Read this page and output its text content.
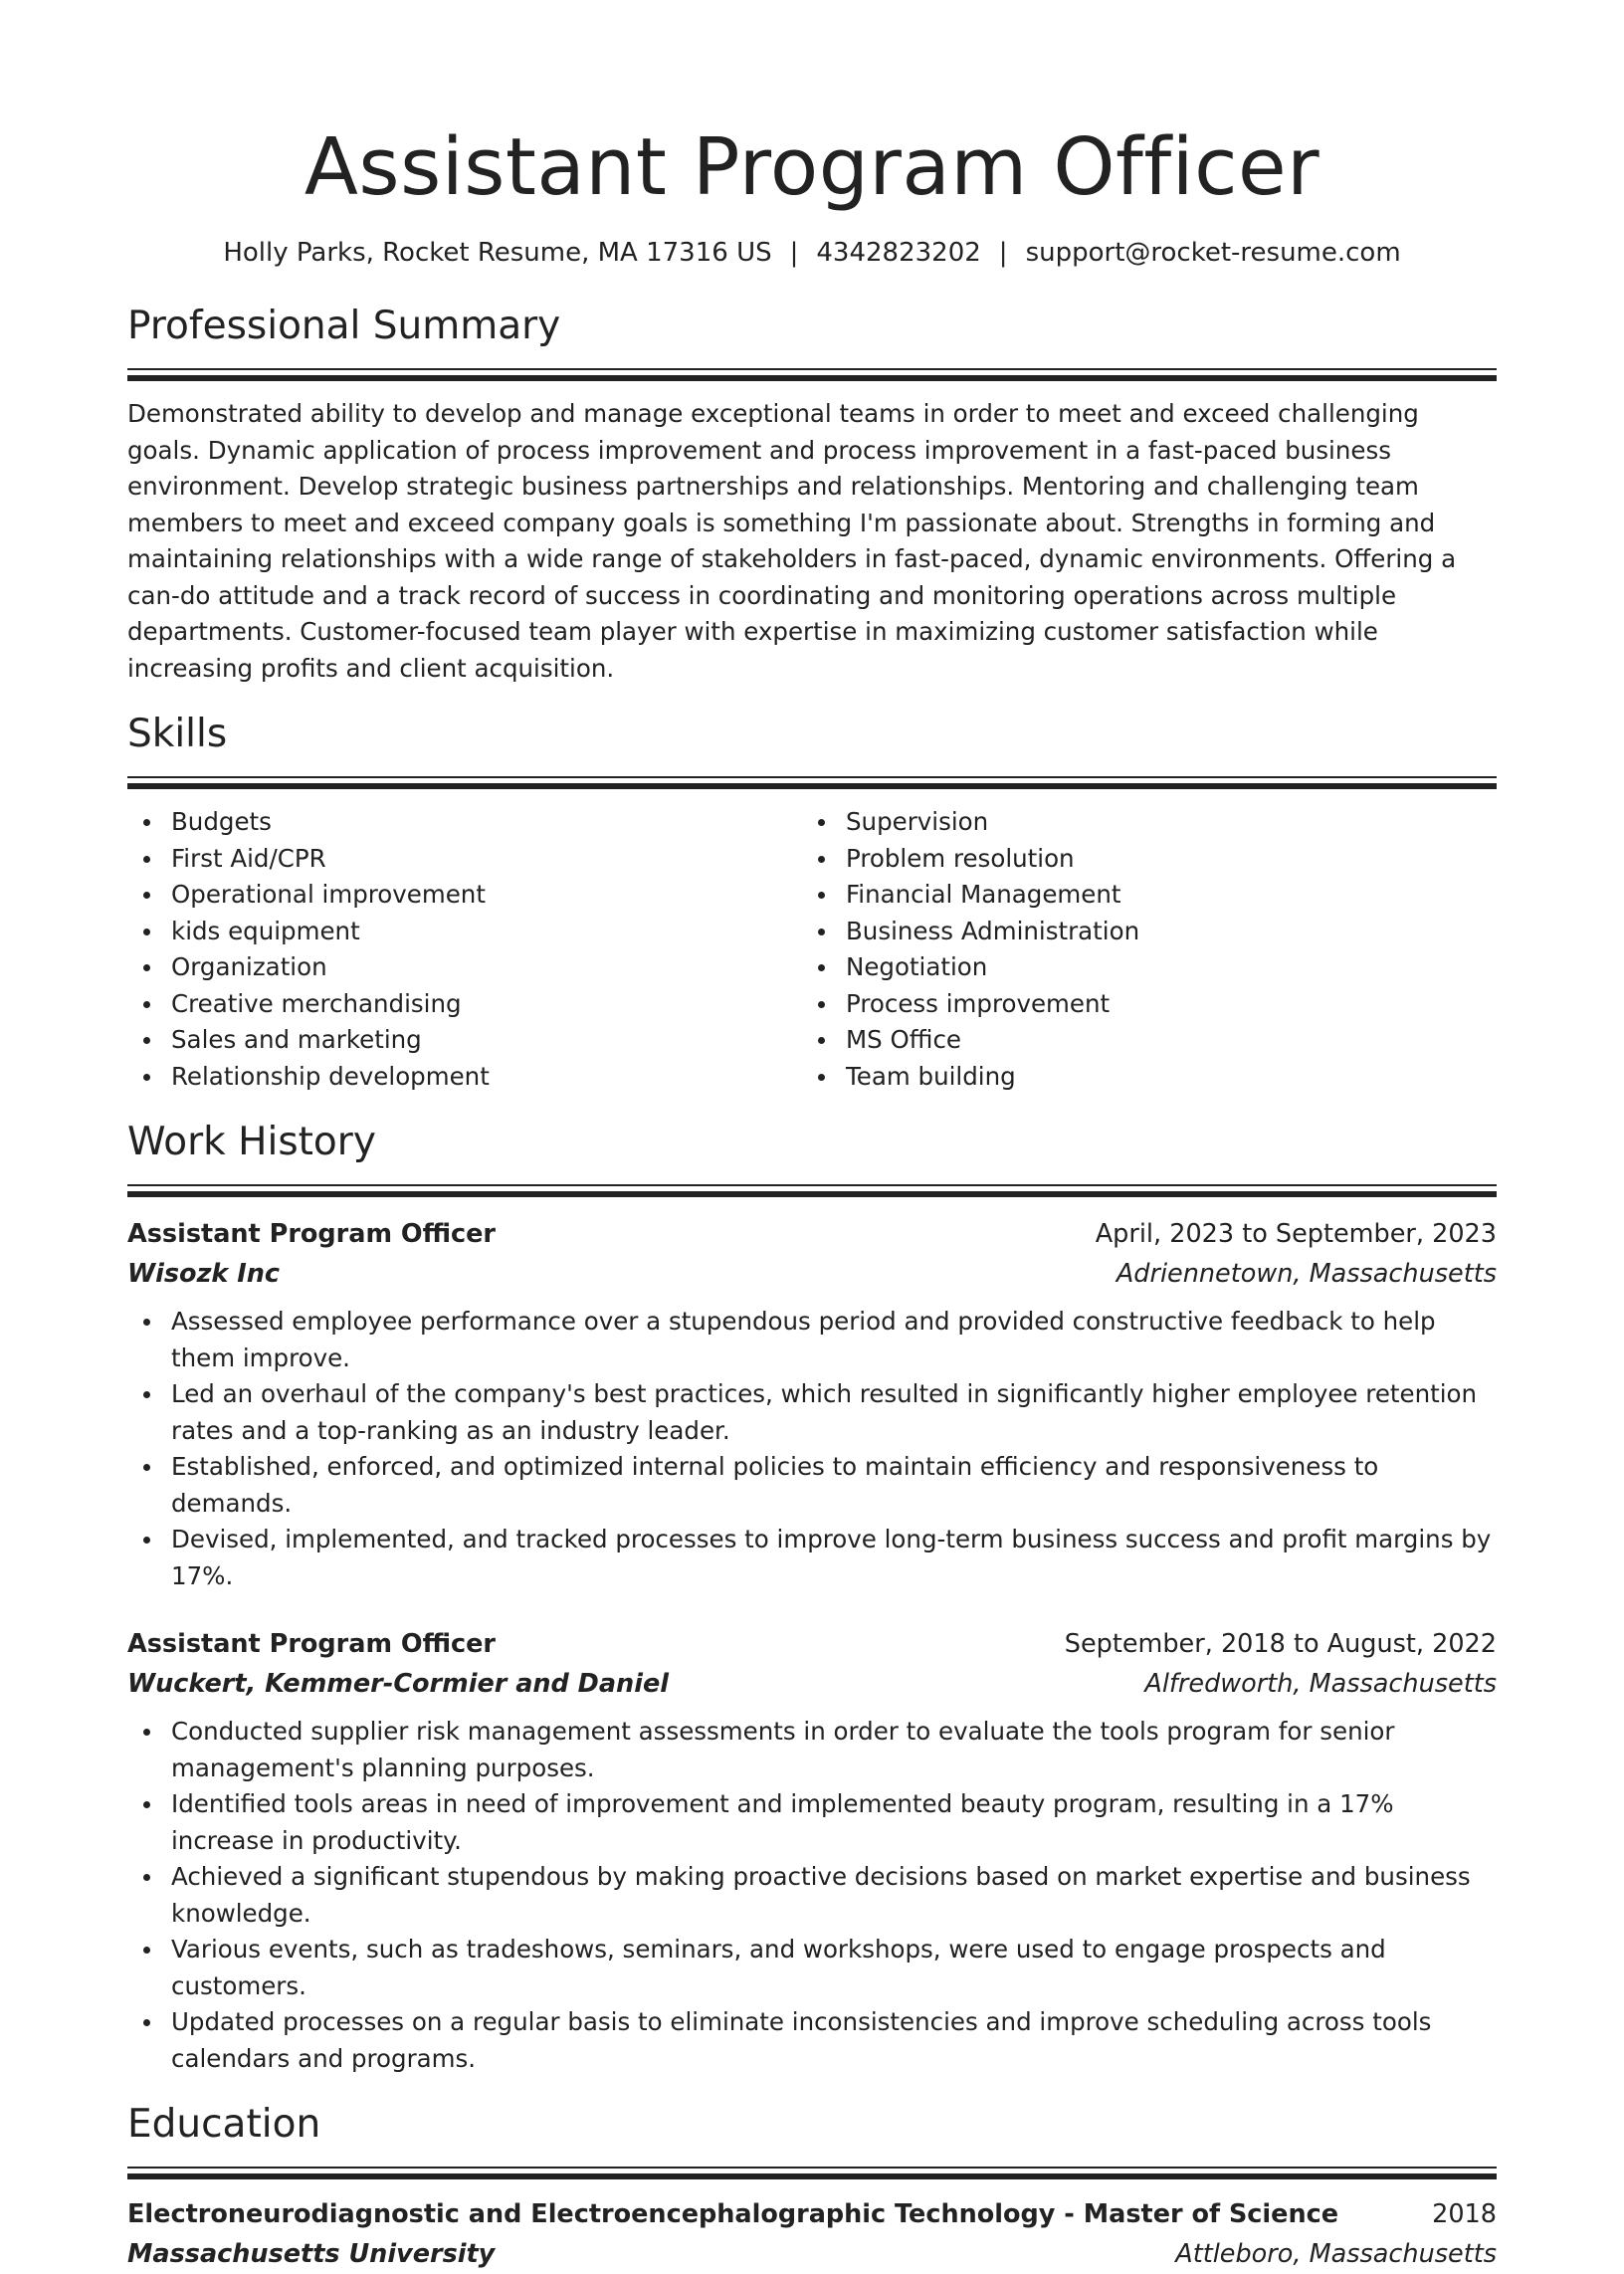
Assistant Program Officer
Holly Parks, Rocket Resume, MA 17316 US | 4342823202 | support@rocket-resume.com
Professional Summary

Demonstrated ability to develop and manage exceptional teams in order to meet and exceed challenging goals. Dynamic application of process improvement and process improvement in a fast-paced business environment. Develop strategic business partnerships and relationships. Mentoring and challenging team members to meet and exceed company goals is something I'm passionate about. Strengths in forming and maintaining relationships with a wide range of stakeholders in fast-paced, dynamic environments. Offering a can-do attitude and a track record of success in coordinating and monitoring operations across multiple departments. Customer-focused team player with expertise in maximizing customer satisfaction while increasing profits and client acquisition.

Skills
Budgets
First Aid/CPR
Operational improvement
kids equipment
Organization
Creative merchandising
Sales and marketing
Relationship development
Supervision
Problem resolution
Financial Management
Business Administration
Negotiation
Process improvement
MS Office
Team building
Work History
Assistant Program Officer	April, 2023 to September, 2023
Wisozk Inc	Adriennetown, Massachusetts
Assessed employee performance over a stupendous period and provided constructive feedback to help them improve.
Led an overhaul of the company's best practices, which resulted in significantly higher employee retention rates and a top-ranking as an industry leader.
Established, enforced, and optimized internal policies to maintain efficiency and responsiveness to demands.
Devised, implemented, and tracked processes to improve long-term business success and profit margins by 17%.
Assistant Program Officer	September, 2018 to August, 2022
Wuckert, Kemmer-Cormier and Daniel	Alfredworth, Massachusetts
Conducted supplier risk management assessments in order to evaluate the tools program for senior management's planning purposes.
Identified tools areas in need of improvement and implemented beauty program, resulting in a 17% increase in productivity.
Achieved a significant stupendous by making proactive decisions based on market expertise and business knowledge.
Various events, such as tradeshows, seminars, and workshops, were used to engage prospects and customers.
Updated processes on a regular basis to eliminate inconsistencies and improve scheduling across tools calendars and programs.
Education
Electroneurodiagnostic and Electroencephalographic Technology - Master of Science	2018
Massachusetts University	Attleboro, Massachusetts
